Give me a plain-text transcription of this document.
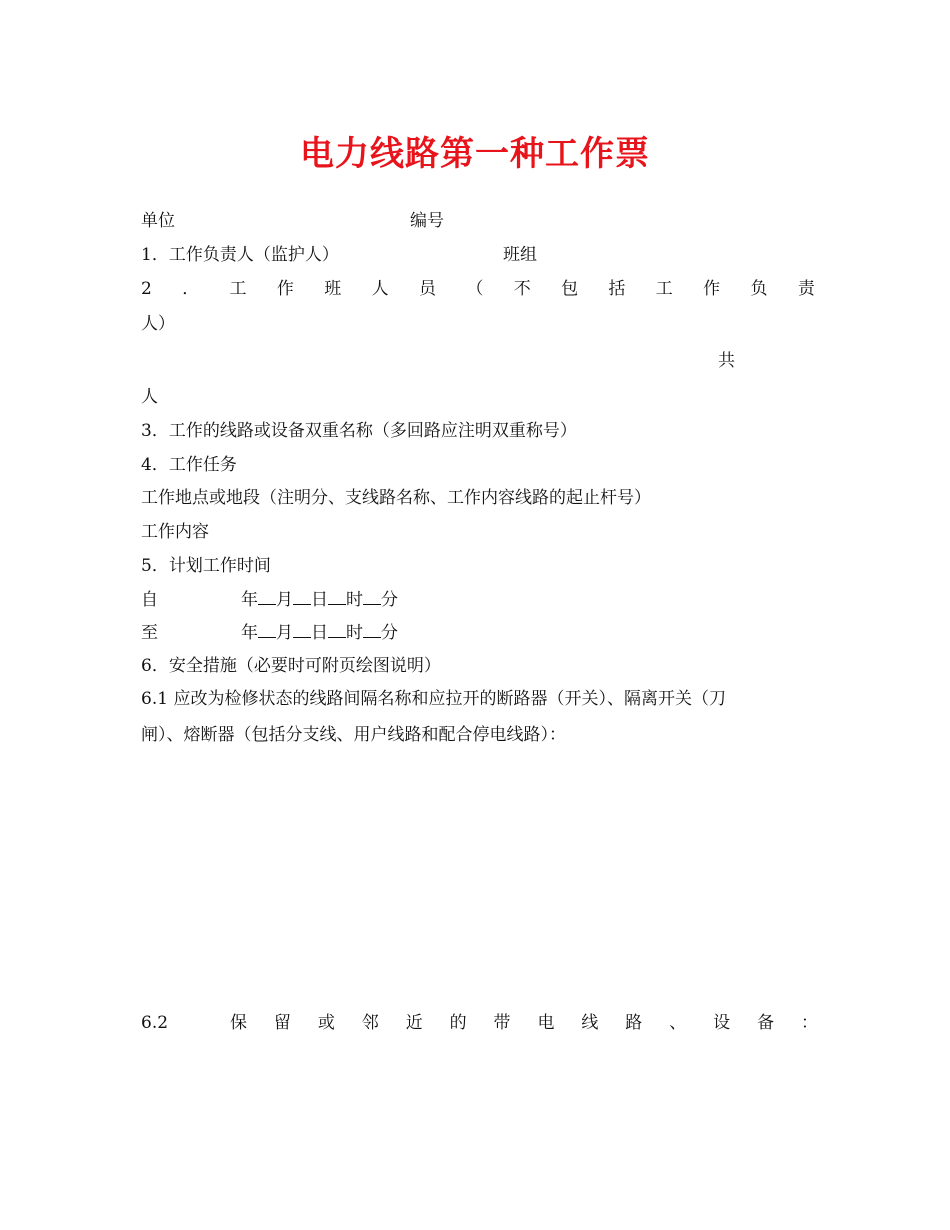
电力线路第一种工作票
单位	编号
1．工作负责人（监护人）	班组
2 ． 工 作 班 人 员 （ 不 包 括 工 作 负 责
人）
共
人
3．工作的线路或设备双重名称（多回路应注明双重称号）
4．工作任务
工作地点或地段（注明分、支线路名称、工作内容线路的起止杆号）
工作内容
5．计划工作时间
自	年 月 日 时 分
至	年 月 日 时 分
6．安全措施（必要时可附页绘图说明）
6.1 应改为检修状态的线路间隔名称和应拉开的断路器（开关）、隔离开关（刀
闸）、熔断器（包括分支线、用户线路和配合停电线路）：
6.2	保 留 或 邻 近 的 带 电 线 路 、 设 备 ：
